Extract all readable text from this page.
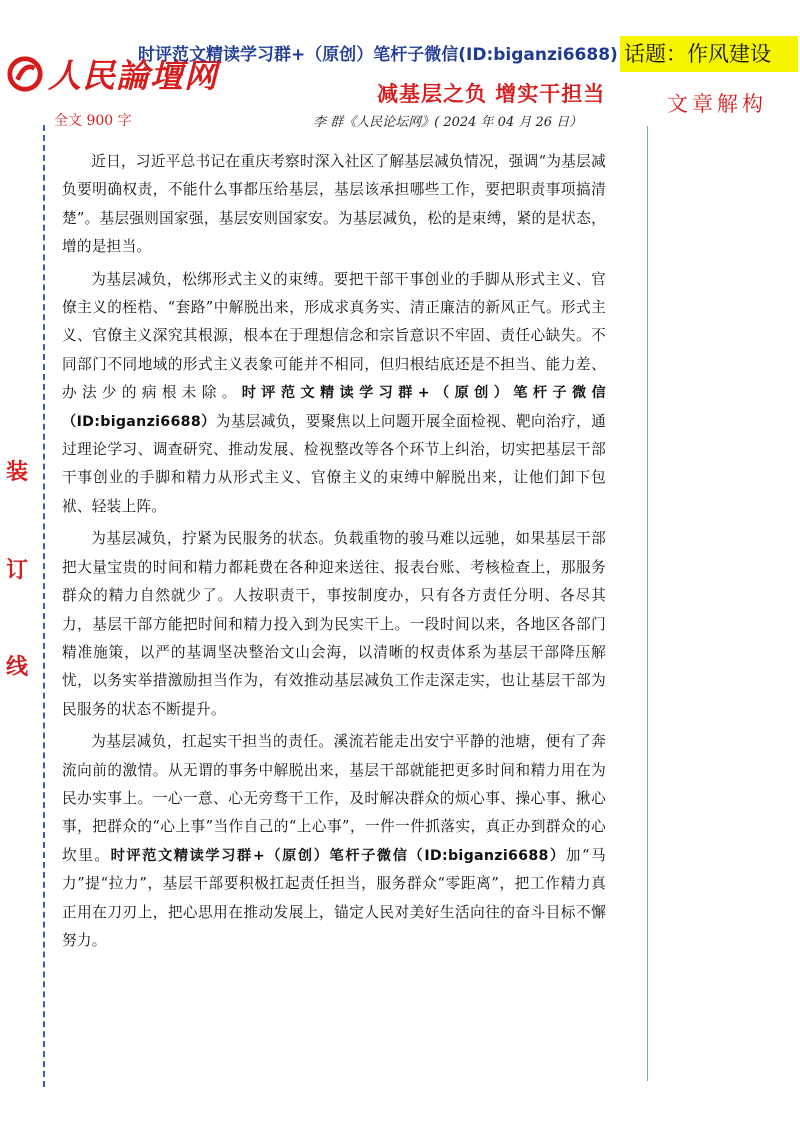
人民論壇网
时评范文精读学习群+（原创）笔杆子微信(ID:biganzi6688) 话题：作风建设
减基层之负 增实干担当	文章解构
全文 900 字	李 群《人民论坛网》( 2024 年 04 月 26 日）
装
订
线

近日，习近平总书记在重庆考察时深入社区了解基层减负情况，强调“为基层减负要明确权责，不能什么事都压给基层，基层该承担哪些工作，要把职责事项搞清楚”。基层强则国家强，基层安则国家安。为基层减负，松的是束缚，紧的是状态，增的是担当。

为基层减负，松绑形式主义的束缚。要把干部干事创业的手脚从形式主义、官僚主义的桎梏、“套路”中解脱出来，形成求真务实、清正廉洁的新风正气。形式主义、官僚主义深究其根源，根本在于理想信念和宗旨意识不牢固、责任心缺失。不同部门不同地域的形式主义表象可能并不相同，但归根结底还是不担当、能力差、办法少的病根未除。时评范文精读学习群+（原创）笔杆子微信（ID:biganzi6688）为基层减负，要聚焦以上问题开展全面检视、靶向治疗，通过理论学习、调查研究、推动发展、检视整改等各个环节上纠治，切实把基层干部干事创业的手脚和精力从形式主义、官僚主义的束缚中解脱出来，让他们卸下包袱、轻装上阵。

为基层减负，拧紧为民服务的状态。负载重物的骏马难以远驰，如果基层干部把大量宝贵的时间和精力都耗费在各种迎来送往、报表台账、考核检查上，那服务群众的精力自然就少了。人按职责干，事按制度办，只有各方责任分明、各尽其力，基层干部方能把时间和精力投入到为民实干上。一段时间以来，各地区各部门精准施策，以严的基调坚决整治文山会海，以清晰的权责体系为基层干部降压解忧，以务实举措激励担当作为，有效推动基层减负工作走深走实，也让基层干部为民服务的状态不断提升。

为基层减负，扛起实干担当的责任。溪流若能走出安宁平静的池塘，便有了奔流向前的激情。从无谓的事务中解脱出来，基层干部就能把更多时间和精力用在为民办实事上。一心一意、心无旁骛干工作，及时解决群众的烦心事、操心事、揪心事，把群众的“心上事”当作自己的“上心事”，一件一件抓落实，真正办到群众的心坎里。时评范文精读学习群+（原创）笔杆子微信（ID:biganzi6688）加“马力”提“拉力”，基层干部要积极扛起责任担当，服务群众“零距离”，把工作精力真正用在刀刃上，把心思用在推动发展上，锚定人民对美好生活向往的奋斗目标不懈努力。
